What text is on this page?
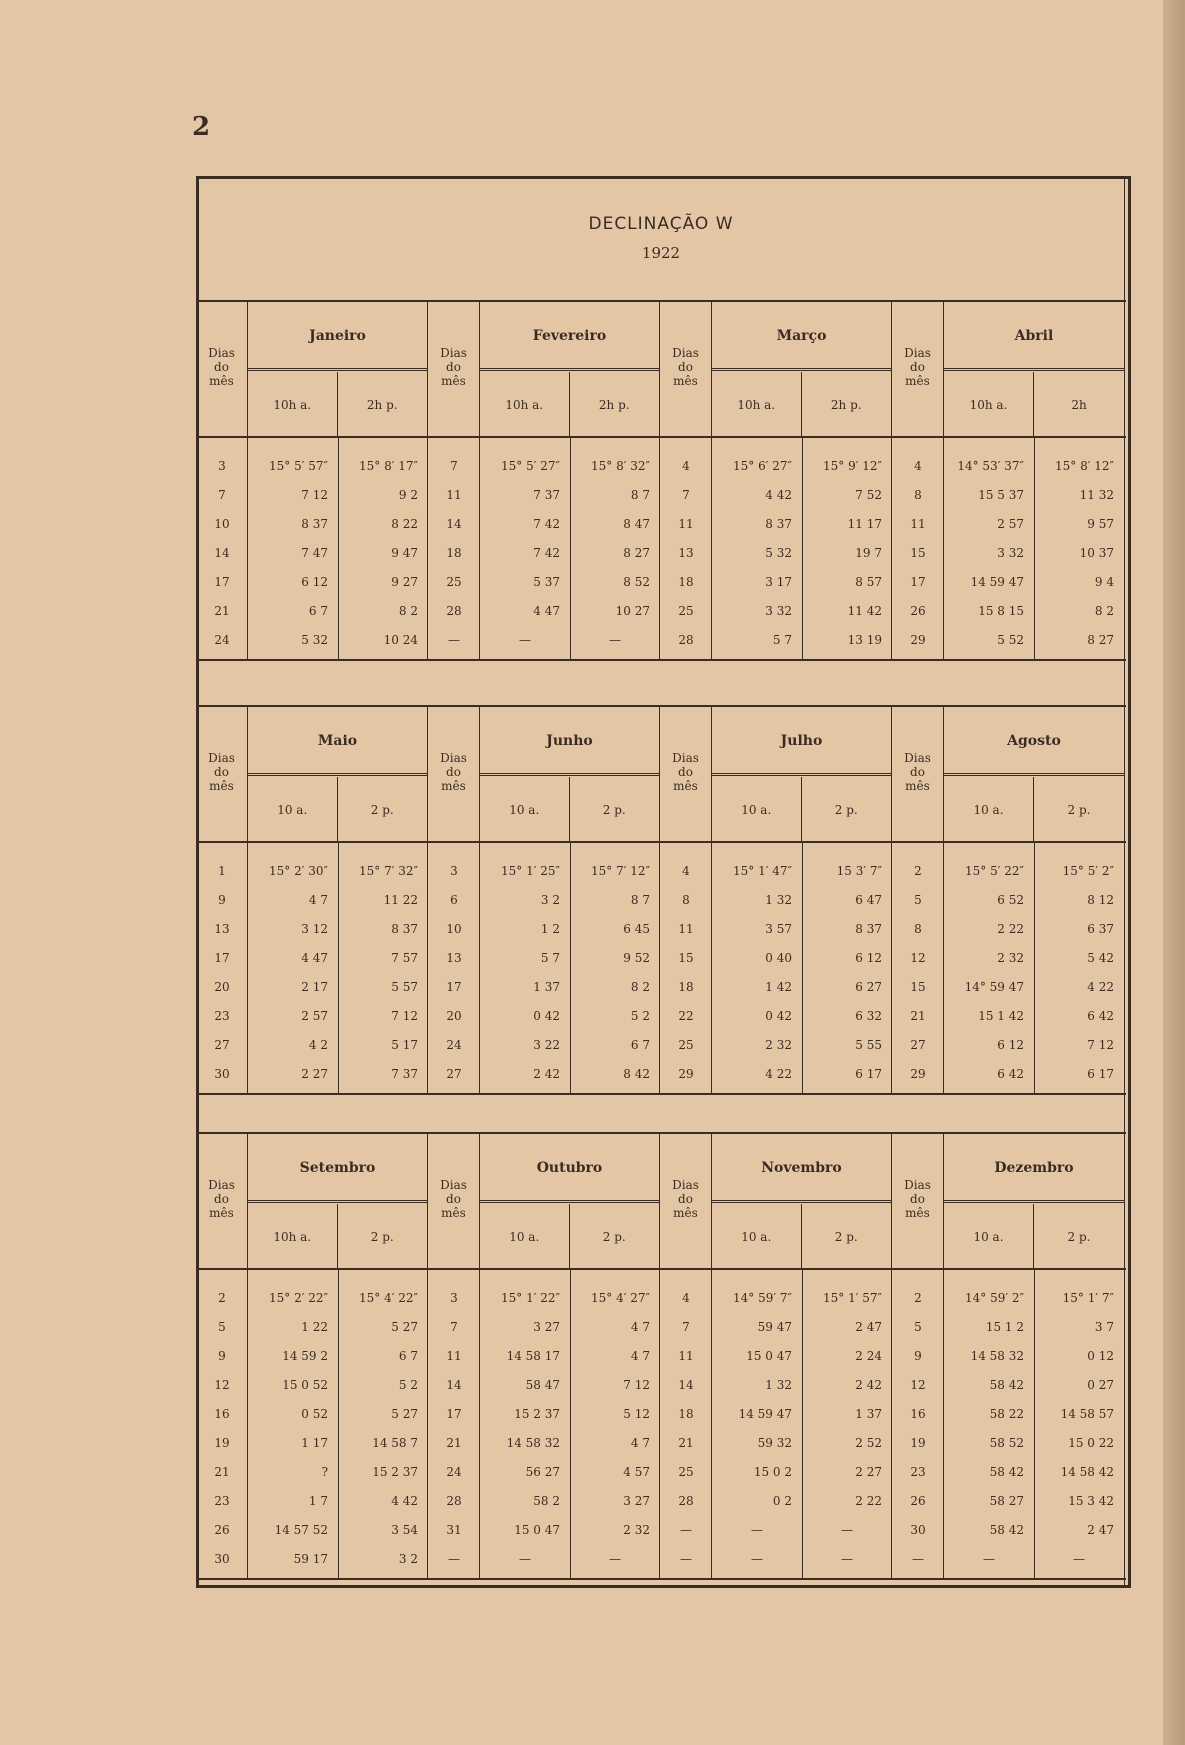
2
DECLINAÇÃO W
1922
Dias
do
mês
Janeiro
10h a.	2h p.
Dias
do
mês
Fevereiro
10h a.	2h p.
Dias
do
mês
Março
10h a.	2h p.
Dias
do
mês
Abril
10h a.	2h
3	15° 5′ 57″	15° 8′ 17″	7	15° 5′ 27″	15° 8′ 32″	4	15° 6′ 27″	15° 9′ 12″	4	14° 53′ 37″	15° 8′ 12″
7	7 12	9 2	11	7 37	8 7	7	4 42	7 52	8	15 5 37	11 32
10	8 37	8 22	14	7 42	8 47	11	8 37	11 17	11	2 57	9 57
14	7 47	9 47	18	7 42	8 27	13	5 32	19 7	15	3 32	10 37
17	6 12	9 27	25	5 37	8 52	18	3 17	8 57	17	14 59 47	9 4
21	6 7	8 2	28	4 47	10 27	25	3 32	11 42	26	15 8 15	8 2
24	5 32	10 24	—	—	—	28	5 7	13 19	29	5 52	8 27
Dias
do
mês
Maio
10 a.	2 p.
Dias
do
mês
Junho
10 a.	2 p.
Dias
do
mês
Julho
10 a.	2 p.
Dias
do
mês
Agosto
10 a.	2 p.
1	15° 2′ 30″	15° 7′ 32″	3	15° 1′ 25″	15° 7′ 12″	4	15° 1′ 47″	15 3′ 7″	2	15° 5′ 22″	15° 5′ 2″
9	4 7	11 22	6	3 2	8 7	8	1 32	6 47	5	6 52	8 12
13	3 12	8 37	10	1 2	6 45	11	3 57	8 37	8	2 22	6 37
17	4 47	7 57	13	5 7	9 52	15	0 40	6 12	12	2 32	5 42
20	2 17	5 57	17	1 37	8 2	18	1 42	6 27	15	14° 59 47	4 22
23	2 57	7 12	20	0 42	5 2	22	0 42	6 32	21	15 1 42	6 42
27	4 2	5 17	24	3 22	6 7	25	2 32	5 55	27	6 12	7 12
30	2 27	7 37	27	2 42	8 42	29	4 22	6 17	29	6 42	6 17
Dias
do
mês
Setembro
10h a.	2 p.
Dias
do
mês
Outubro
10 a.	2 p.
Dias
do
mês
Novembro
10 a.	2 p.
Dias
do
mês
Dezembro
10 a.	2 p.
2	15° 2′ 22″	15° 4′ 22″	3	15° 1′ 22″	15° 4′ 27″	4	14° 59′ 7″	15° 1′ 57″	2	14° 59′ 2″	15° 1′ 7″
5	1 22	5 27	7	3 27	4 7	7	59 47	2 47	5	15 1 2	3 7
9	14 59 2	6 7	11	14 58 17	4 7	11	15 0 47	2 24	9	14 58 32	0 12
12	15 0 52	5 2	14	58 47	7 12	14	1 32	2 42	12	58 42	0 27
16	0 52	5 27	17	15 2 37	5 12	18	14 59 47	1 37	16	58 22	14 58 57
19	1 17	14 58 7	21	14 58 32	4 7	21	59 32	2 52	19	58 52	15 0 22
21	?	15 2 37	24	56 27	4 57	25	15 0 2	2 27	23	58 42	14 58 42
23	1 7	4 42	28	58 2	3 27	28	0 2	2 22	26	58 27	15 3 42
26	14 57 52	3 54	31	15 0 47	2 32	—	—	—	30	58 42	2 47
30	59 17	3 2	—	—	—	—	—	—	—	—	—
